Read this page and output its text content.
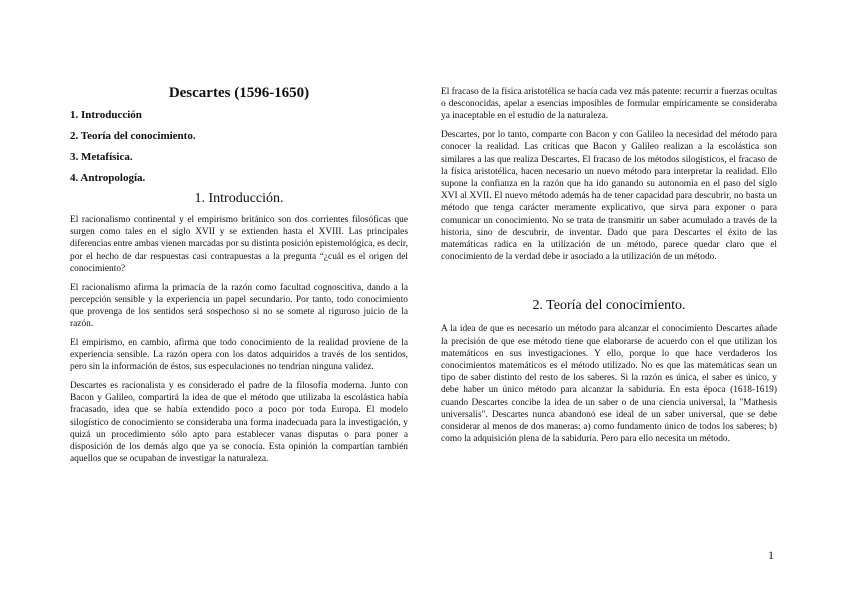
Descartes (1596-1650)
1. Introducción
2. Teoría del conocimiento.
3. Metafísica.
4. Antropología.
1. Introducción.

El racionalismo continental y el empirismo británico son dos corrientes filosóficas que surgen como tales en el siglo XVII y se extienden hasta el XVIII. Las principales diferencias entre ambas vienen marcadas por su distinta posición epistemológica, es decir, por el hecho de dar respuestas casi contrapuestas a la pregunta “¿cuál es el origen del conocimiento?

El racionalismo afirma la primacía de la razón como facultad cognoscitiva, dando a la percepción sensible y la experiencia un papel secundario. Por tanto, todo conocimiento que provenga de los sentidos será sospechoso si no se somete al riguroso juicio de la razón.

El empirismo, en cambio, afirma que todo conocimiento de la realidad proviene de la experiencia sensible. La razón opera con los datos adquiridos a través de los sentidos, pero sin la información de éstos, sus especulaciones no tendrían ninguna validez.

Descartes es racionalista y es considerado el padre de la filosofía moderna. Junto con Bacon y Galileo, compartirá la idea de que el método que utilizaba la escolástica había fracasado, idea que se había extendido poco a poco por toda Europa. El modelo silogístico de conocimiento se consideraba una forma inadecuada para la investigación, y quizá un procedimiento sólo apto para establecer vanas disputas o para poner a disposición de los demás algo que ya se conocía. Esta opinión la compartían también aquellos que se ocupaban de investigar la naturaleza.

El fracaso de la física aristotélica se hacía cada vez más patente: recurrir a fuerzas ocultas o desconocidas, apelar a esencias imposibles de formular empíricamente se consideraba ya inaceptable en el estudio de la naturaleza.

Descartes, por lo tanto, comparte con Bacon y con Galileo la necesidad del método para conocer la realidad. Las críticas que Bacon y Galileo realizan a la escolástica son similares a las que realiza Descartes. El fracaso de los métodos silogísticos, el fracaso de la física aristotélica, hacen necesario un nuevo método para interpretar la realidad. Ello supone la confianza en la razón que ha ido ganando su autonomía en el paso del siglo XVI al XVII. El nuevo método además ha de tener capacidad para descubrir, no basta un método que tenga carácter meramente explicativo, que sirva para exponer o para comunicar un conocimiento. No se trata de transmitir un saber acumulado a través de la historia, sino de descubrir, de inventar. Dado que para Descartes el éxito de las matemáticas radica en la utilización de un método, parece quedar claro que el conocimiento de la verdad debe ir asociado a la utilización de un método.

2. Teoría del conocimiento.

A la idea de que es necesario un método para alcanzar el conocimiento Descartes añade la precisión de que ese método tiene que elaborarse de acuerdo con el que utilizan los matemáticos en sus investigaciones. Y ello, porque lo que hace verdaderos los conocimientos matemáticos es el método utilizado. No es que las matemáticas sean un tipo de saber distinto del resto de los saberes. Si la razón es única, el saber es único, y debe haber un único método para alcanzar la sabiduría. En esta época (1618-1619) cuando Descartes concibe la idea de un saber o de una ciencia universal, la "Mathesis universalis". Descartes nunca abandonó ese ideal de un saber universal, que se debe considerar al menos de dos maneras: a) como fundamento único de todos los saberes; b) como la adquisición plena de la sabiduría. Pero para ello necesita un método.

1
